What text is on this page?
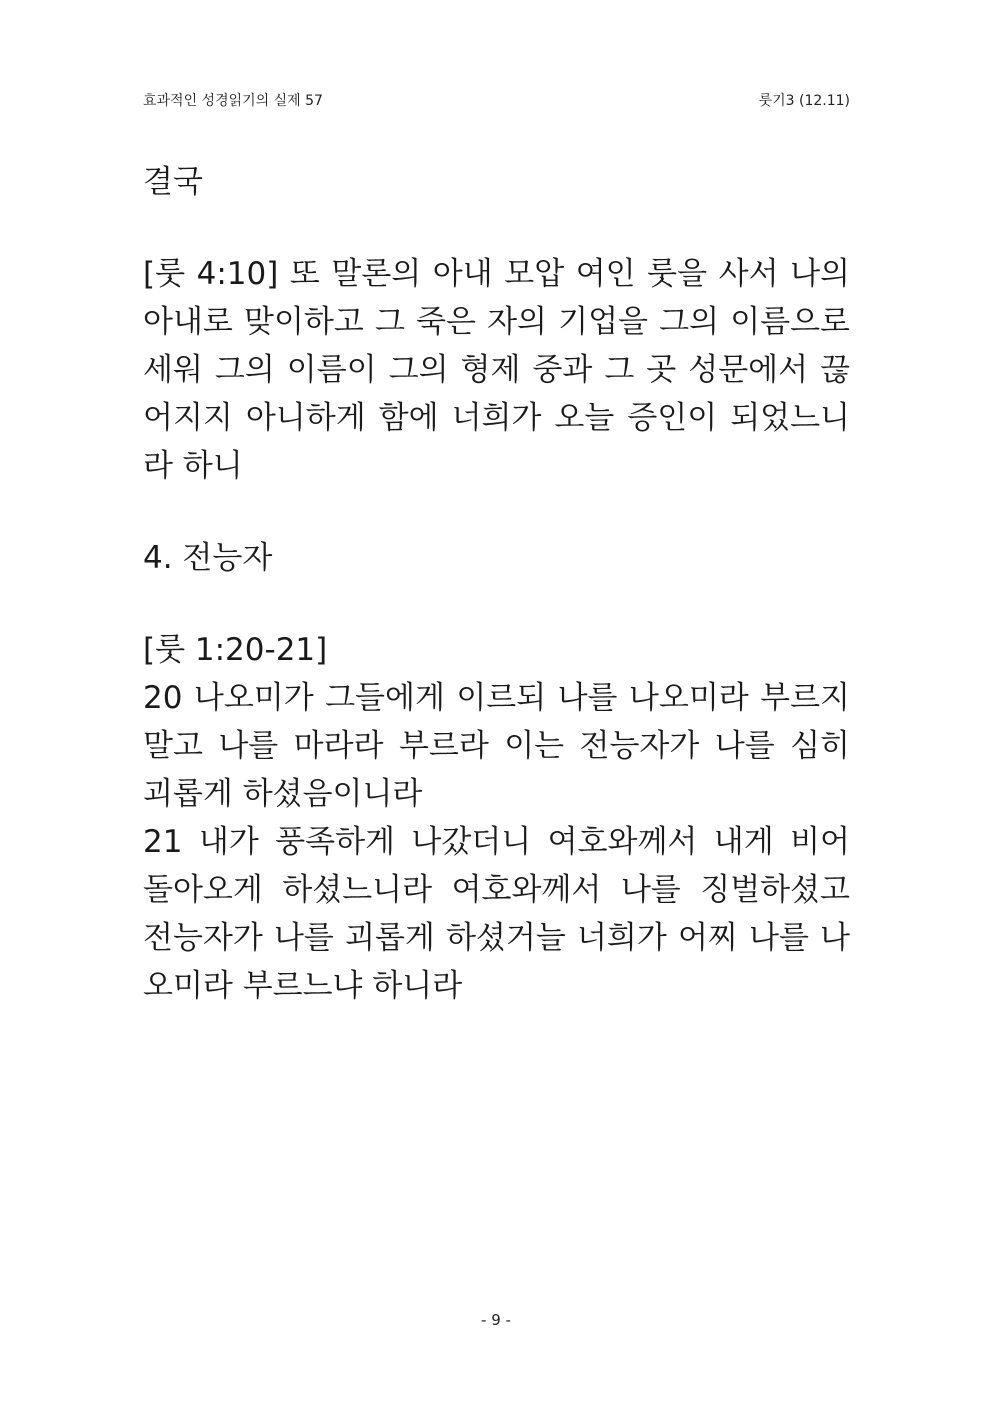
효과적인 성경읽기의 실제 57	룻기3 (12.11)

결국

[룻 4:10] 또 말론의 아내 모압 여인 룻을 사서 나의 아내로 맞이하고 그 죽은 자의 기업을 그의 이름으로 세워 그의 이름이 그의 형제 중과 그 곳 성문에서 끊어지지 아니하게 함에 너희가 오늘 증인이 되었느니라 하니

4. 전능자

[룻 1:20-21]

20 나오미가 그들에게 이르되 나를 나오미라 부르지 말고 나를 마라라 부르라 이는 전능자가 나를 심히 괴롭게 하셨음이니라

21 내가 풍족하게 나갔더니 여호와께서 내게 비어 돌아오게 하셨느니라 여호와께서 나를 징벌하셨고 전능자가 나를 괴롭게 하셨거늘 너희가 어찌 나를 나오미라 부르느냐 하니라

- 9 -
